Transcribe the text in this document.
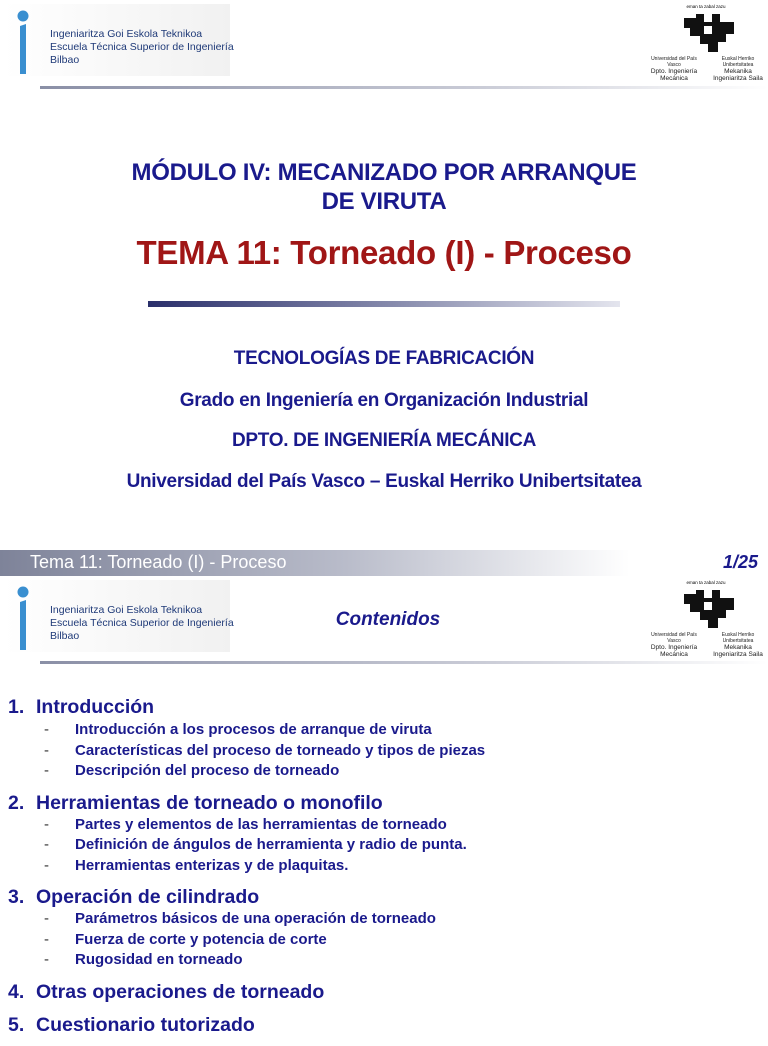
Ingeniaritza Goi Eskola Teknikoa
Escuela Técnica Superior de Ingeniería
Bilbao
eman ta zabal zazu
Universidad del País Vasco
Dpto. Ingeniería Mecánica
Euskal Herriko Unibertsitatea
Mekanika Ingeniaritza Saila
MÓDULO IV: MECANIZADO POR ARRANQUE
DE VIRUTA
TEMA 11: Torneado (I) - Proceso
TECNOLOGÍAS DE FABRICACIÓN
Grado en Ingeniería en Organización Industrial
DPTO. DE INGENIERÍA MECÁNICA
Universidad del País Vasco – Euskal Herriko Unibertsitatea
Tema 11: Torneado (I) - Proceso	1/25
Ingeniaritza Goi Eskola Teknikoa
Escuela Técnica Superior de Ingeniería
Bilbao
Contenidos
eman ta zabal zazu
Universidad del País Vasco
Dpto. Ingeniería Mecánica
Euskal Herriko Unibertsitatea
Mekanika Ingeniaritza Saila
1. Introducción
- Introducción a los procesos de arranque de viruta
- Características del proceso de torneado y tipos de piezas
- Descripción del proceso de torneado
2. Herramientas de torneado o monofilo
- Partes y elementos de las herramientas de torneado
- Definición de ángulos de herramienta y radio de punta.
- Herramientas enterizas y de plaquitas.
3. Operación de cilindrado
- Parámetros básicos de una operación de torneado
- Fuerza de corte y potencia de corte
- Rugosidad en torneado
4. Otras operaciones de torneado
5. Cuestionario tutorizado
